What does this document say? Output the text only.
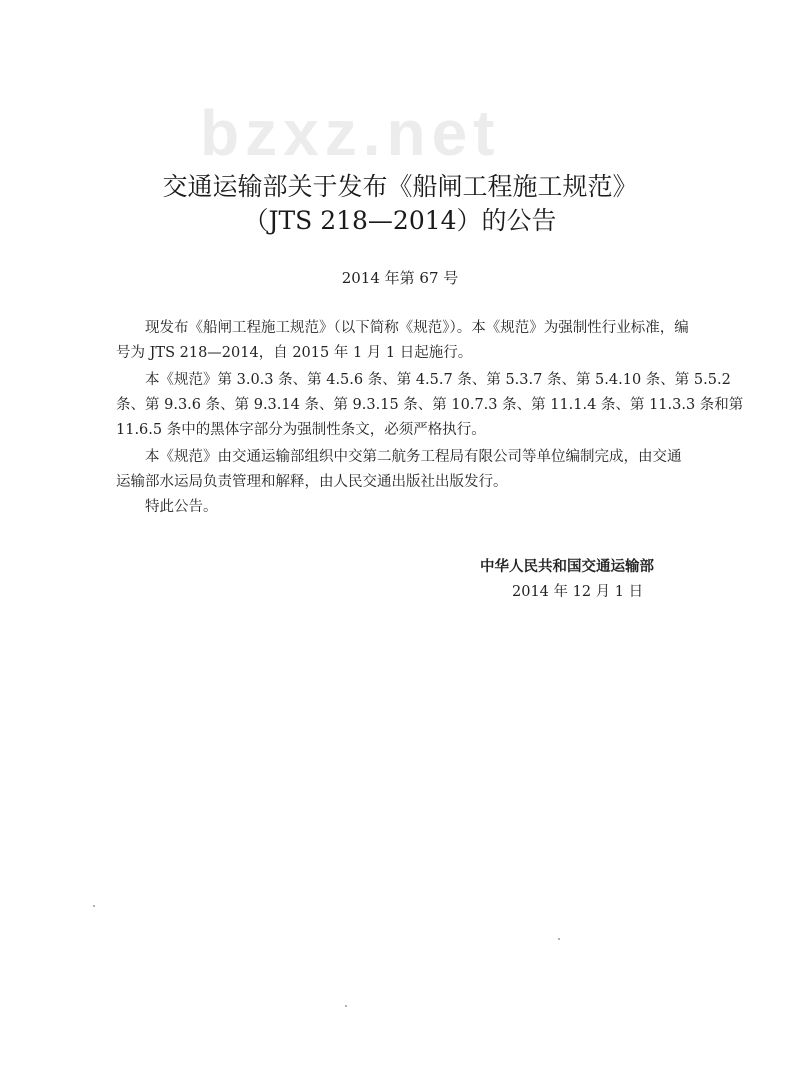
bzxz.net
交通运输部关于发布《船闸工程施工规范》
（JTS 218—2014）的公告
2014 年第 67 号
现发布《船闸工程施工规范》（以下简称《规范》）。本《规范》为强制性行业标准，编
号为 JTS 218—2014，自 2015 年 1 月 1 日起施行。
本《规范》第 3.0.3 条、第 4.5.6 条、第 4.5.7 条、第 5.3.7 条、第 5.4.10 条、第 5.5.2
条、第 9.3.6 条、第 9.3.14 条、第 9.3.15 条、第 10.7.3 条、第 11.1.4 条、第 11.3.3 条和第
11.6.5 条中的黑体字部分为强制性条文，必须严格执行。
本《规范》由交通运输部组织中交第二航务工程局有限公司等单位编制完成，由交通
运输部水运局负责管理和解释，由人民交通出版社出版发行。
特此公告。
中华人民共和国交通运输部
2014 年 12 月 1 日
